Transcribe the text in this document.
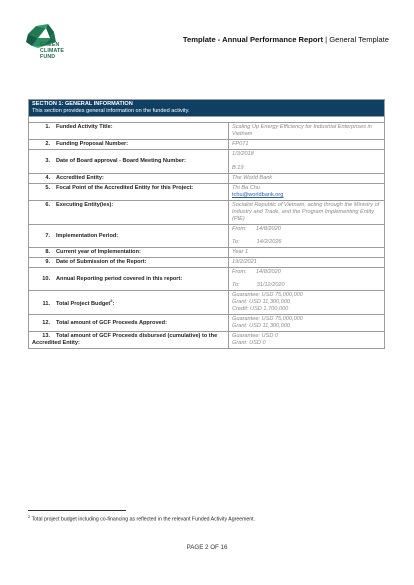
GREEN
CLIMATE
FUND
Template - Annual Performance Report | General Template
SECTION 1: GENERAL INFORMATION
This section provides general information on the funded activity.	

1. Funded Activity Title:	Scaling Up Energy Efficiency for Industrial Enterprises in Vietnam

2. Funding Proposal Number:	FP071

3. Date of Board approval - Board Meeting Number:	1/3/2018
B.19

4. Accredited Entity:	The World Bank

5. Focal Point of the Accredited Entity for this Project:	Thi Ba Chu
tchu@worldbank.org

6. Executing Entity(ies):	Socialist Republic of Vietnam, acting through the Ministry of Industry and Trade, and the Program Implementing Entity (PIE)

7. Implementation Period:	From:      14/8/2020
To:           14/2/2026

8. Current year of Implementation:	Year 1

9. Date of Submission of the Report:	19/2/2021

10. Annual Reporting period covered in this report:	From:      14/8/2020
To:           31/12/2020

11. Total Project Budget$^2$:	Guarantee: USD 75,000,000
Grant: USD 11,300,000
Credit: USD 1,700,000

12. Total amount of GCF Proceeds Approved:	Guarantee: USD 75,000,000
Grant: USD 11,300,000

13. Total amount of GCF Proceeds disbursed (cumulative) to the Accredited Entity:	Guarantee: USD 0
Grant: USD 0
$^2$ Total project budget including co-financing as reflected in the relevant Funded Activity Agreement.
PAGE 2 OF 16
